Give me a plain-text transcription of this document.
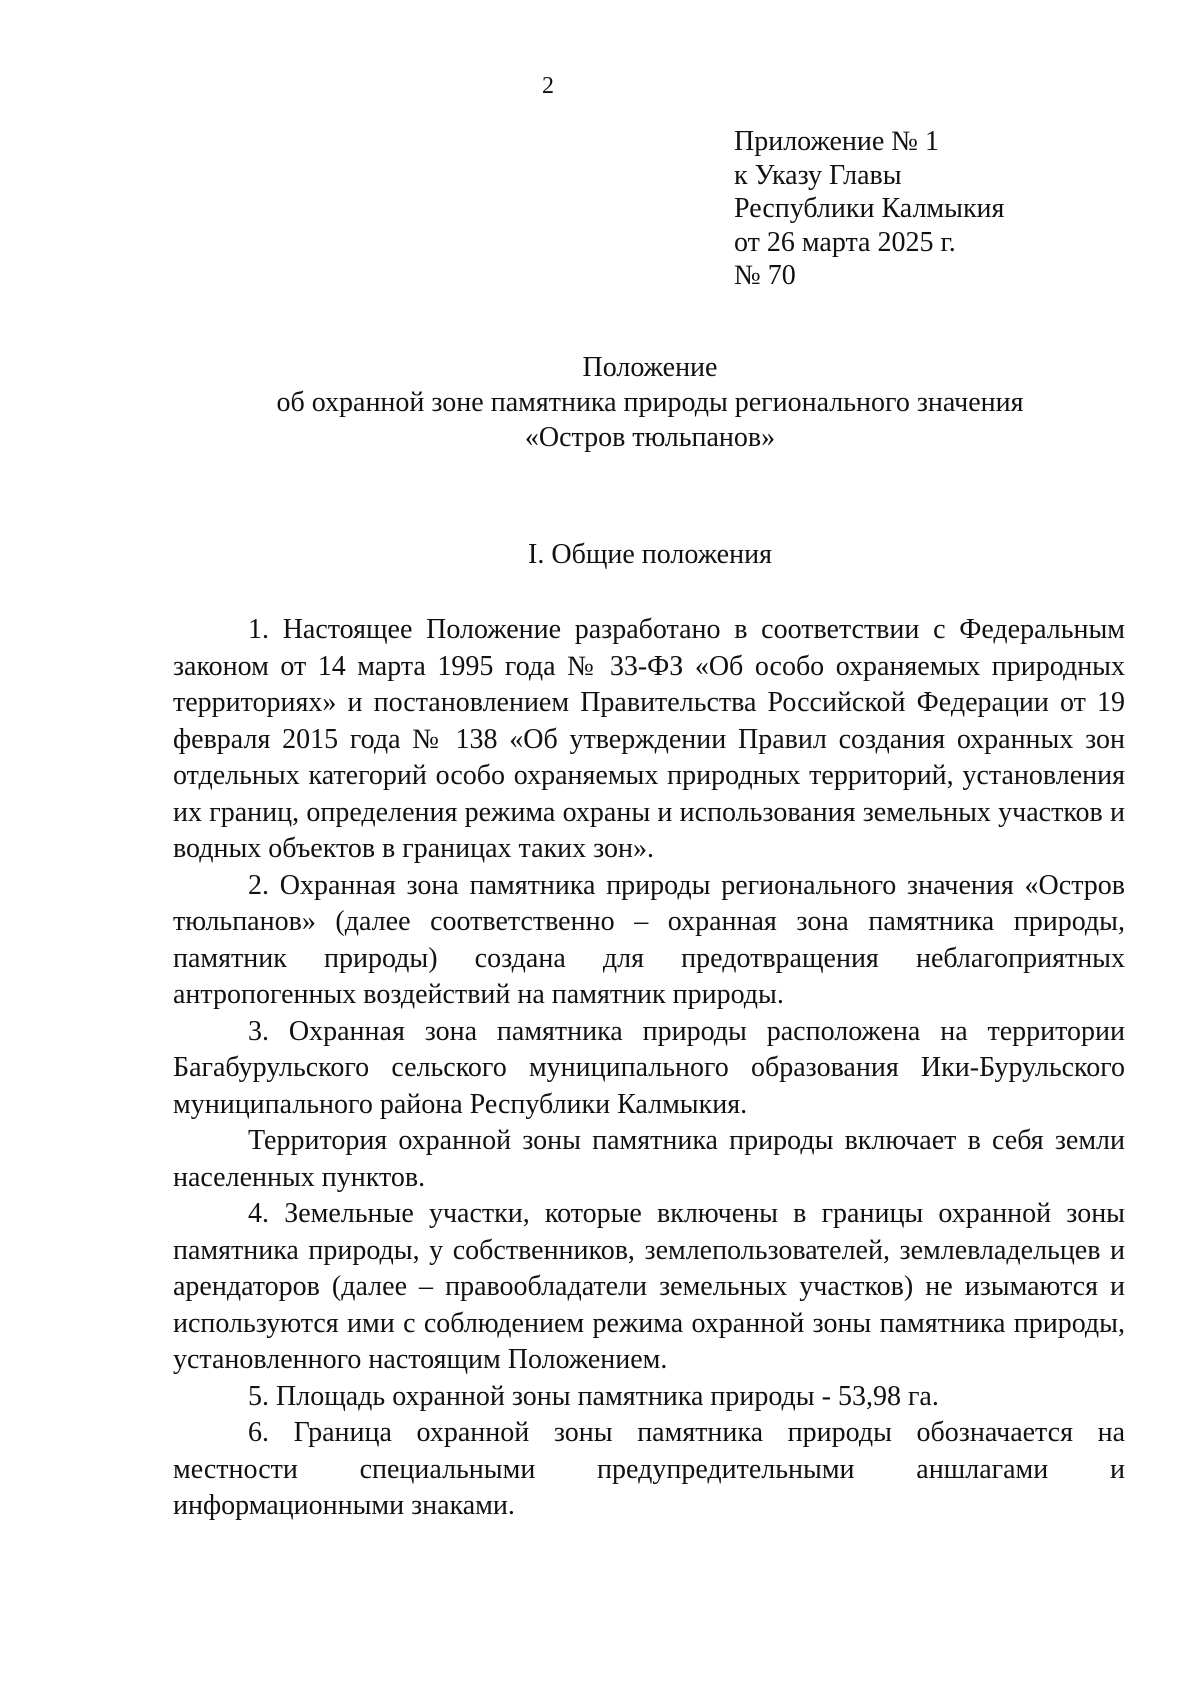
2
Приложение № 1
к Указу Главы
Республики Калмыкия
от 26 марта 2025 г.
№ 70
Положение
об охранной зоне памятника природы регионального значения
«Остров тюльпанов»
I. Общие положения

1. Настоящее Положение разработано в соответствии с Федеральным законом от 14 марта 1995 года № 33-ФЗ «Об особо охраняемых природных территориях» и постановлением Правительства Российской Федерации от 19 февраля 2015 года № 138 «Об утверждении Правил создания охранных зон отдельных категорий особо охраняемых природных территорий, установления их границ, определения режима охраны и использования земельных участков и водных объектов в границах таких зон».

2. Охранная зона памятника природы регионального значения «Остров тюльпанов» (далее соответственно – охранная зона памятника природы, памятник природы) создана для предотвращения неблагоприятных антропогенных воздействий на памятник природы.

3. Охранная зона памятника природы расположена на территории Багабурульского сельского муниципального образования Ики-Бурульского муниципального района Республики Калмыкия.

Территория охранной зоны памятника природы включает в себя земли населенных пунктов.

4. Земельные участки, которые включены в границы охранной зоны памятника природы, у собственников, землепользователей, землевладельцев и арендаторов (далее – правообладатели земельных участков) не изымаются и используются ими с соблюдением режима охранной зоны памятника природы, установленного настоящим Положением.

5. Площадь охранной зоны памятника природы - 53,98 га.

6. Граница охранной зоны памятника природы обозначается на местности специальными предупредительными аншлагами и информационными знаками.
